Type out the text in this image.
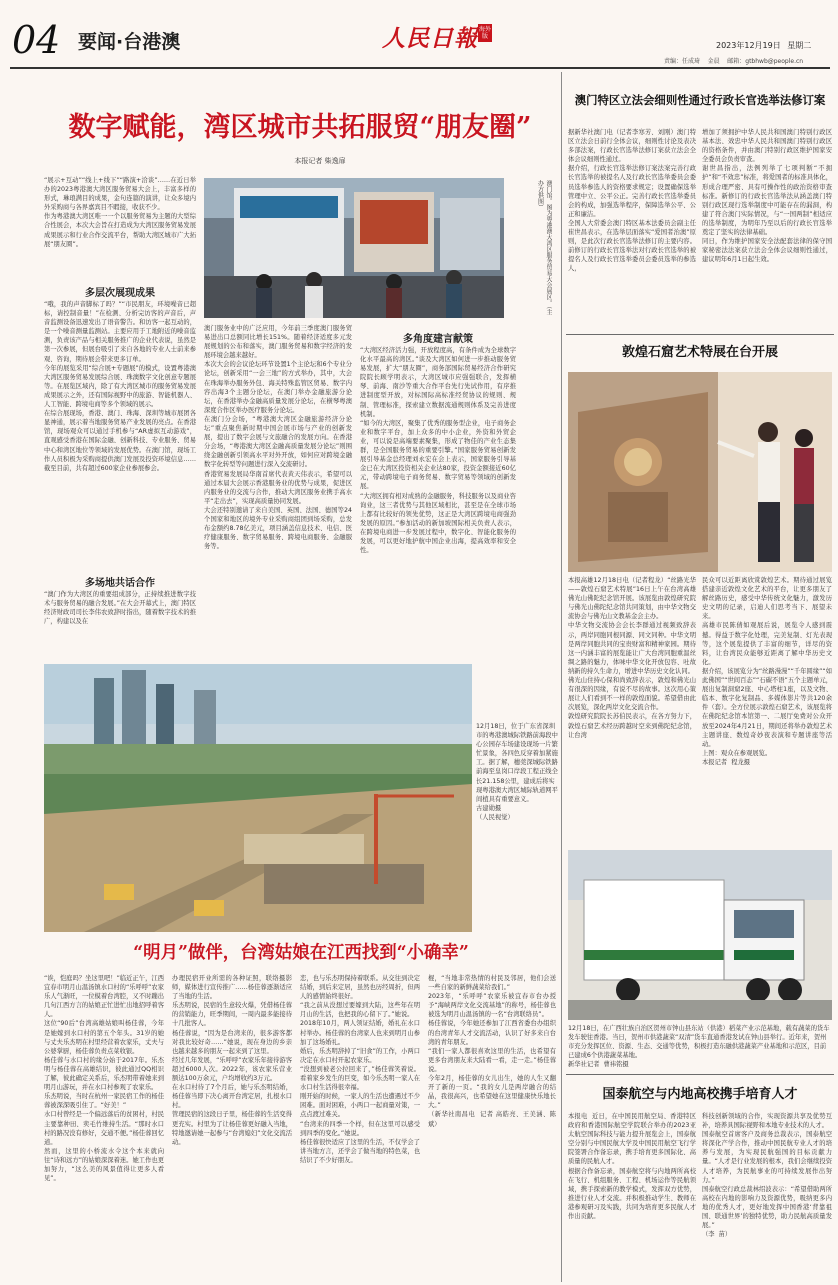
04 要闻·台港澳	人民日報 海外版
2023年12月19日 星期二
责编：任成琦    金晨    邮箱：gtbhwb@people.cn
数字赋能，湾区城市共拓服贸“朋友圈”
本报记者 柴逸扉
“展示+互动”“线上+线下”“路演+洽谈”……在近日举办的2023粤港澳大湾区服务贸易大会上，丰富多样的形式，琳琅满目的成果，金句连篇的演讲，让众多境内外采购商与各界嘉宾目不暇接，收获不少。
作为粤港澳大湾区唯一一个以服务贸易为主题的大型综合性展会，本次大会旨在打造成为大湾区服务贸易发展成果展示和行业合作交流平台，帮助大湾区城市广大拓展“朋友圈”。
多层次展现成果
“哦，我的声音脚标了吗？”“市民朋友，环境噪音已超标，请控制音量！”在检测、分析完访客的声音后，声音监测设备迅速发出了语音警告。和访客一起互动的，是一个噪音测量监测站。主要应用于工地附近的噪音监测，负责该产品与相关服务推广的企业代表说，虽然是第一次参展，但展台吸引了来自各地的专业人士前来参观、咨询，期待展会带来更多订单。
今年的展览采用“综合展+专题展”的模式，设置粤港澳大湾区服务贸易发展综合展、珠澳数字文化创意专题展等。在展览区域内，除了有大湾区城市的服务贸易发展成果展示之外，还有国际视野中的旅游、智能机器人、人工智能、跨境电商等多个领域的展示。
在综合展现场，香港、澳门、珠海、深圳等城市展团各显神通，展示着当地服务贸易产业发展的亮点。在香港馆，现场观众可以通过手机参与“AR虚拟互动游戏”，直观感受香港在国际金融、创新科技、专业服务、贸易中心和湾区地位等领域的发展优势。在澳门馆，现场工作人员积极为采购商提供澳门发展及投资环境信息……截至目前，共有超过600家企业参展参会。
多场地共话合作
“澳门作为大湾区的重要组成部分，正持续推进数字技术与服务贸易的融合发展。”在大会开幕式上，澳门特区经济财政司司长李伟农致辞时指出，随着数字技术的推广，构建以及在
澳门馆。图为粤港澳大湾区服务贸易大会展区。（主办方供图）
澳门服务业中的广泛应用，今年前三季度澳门服务贸易进出口总额同比增长151%。随着经济适度多元发展规划的公布和落实，澳门服务贸易和数字经济的发展环境会越来越好。
本次大会的会议论坛环节设置1个主论坛和6个专业分论坛，创新采用“一会三地”的方式举办，其中，大会在珠海举办服务外包、海关特殊监管区贸易、数字内容出海3个主题分论坛，在澳门举办金融旅游分论坛，在香港举办金融高质量发展分论坛，在横琴粤澳深度合作区举办医疗服务分论坛。
在澳门分会场，“粤港澳大湾区金融旅游经济分论坛”重点聚焦新时期中国会展市场与产业的创新发展，提出了数字会展与文旅融合的发展方向。在香港分会场，“粤港澳大湾区金融高质量发展分论坛”则围绕金融创新引领高水平对外开放，如何应对跨境金融数字化转型等问题进行深入交流研讨。
香港贸易发展局华南首席代表黄天伟表示，希望可以通过本届大会展示香港服务业的优势与成果，促进区内服务业的交流与合作，推动大湾区服务业携手高水平“走出去”，实现高质量协同发展。
大会还特别邀请了来自美国、英国、法国、德国等24个国家和地区的境外专业采购商组团到场采购，总发布金额约8.78亿美元，项目涵盖信息技术、电信、医疗健康服务、数字贸易服务、跨境电商服务、金融服务等。
多角度建言献策
“大湾区经济活力强，开放程度高，有条件成为全球数字化水平最高的湾区。”谈及大湾区如何进一步推动服务贸易发展，扩大“朋友圈”，商务部国际贸易经济合作研究院院长顾学明表示，大湾区城市应强强联合，发挥横琴、前海、南沙等重大合作平台先行先试作用，有序推进制度型开放，对标国际高标准经贸协议的规则、规制、管理标准，探索建立数据流通规则体系及完善进度机制。
“如今的大湾区，聚集了优秀的服务型企业，电子商务企业和数字平台，加上众多的中小企业，外资和外贸企业，可以说是高端要素聚集，形成了物佳的产业生态集群，是全国服务贸易的重要引擎。”国家服务贸易创新发展引导基金总经理刘永宏在会上表示，国家服务引导基金已在大湾区投资相关企业达80家，投资金额接近60亿元，带动跨境电子商务贸易、数字贸易等领域的创新发展。
“大湾区拥有相对成熟的金融服务，科技服务以及商业咨询业，这三者优势与其他区域相比，甚至是在全球市场上都有比较好的领先优势，这正是大湾区跨境电商强劲发展的原因。”参加活动的新加坡国际相关负责人表示，在跨境电商进一步发展过程中，数字化、智能化服务的发展，可以更好地护航中国企业出海，提高效率和安全性。
澳门特区立法会细则性通过行政长官选举法修订案
据新华社澳门电（记者李寒芳、刘刚）澳门特区立法会日前行全体会议，细则性讨论及表决多部法案，行政长官选举法修订案获立法会全体会议细则性通过。
据介绍，行政长官选举法修订案法案完善行政长官选举的被提名人及行政长官选举委员会委员选举参选人的资格要求规定；设置确保选举管理中立、公平公正。完善行政长官选举委员会的构成，加强选举程序，保障选举公平、公正和廉洁。
全国人大常委会澳门特区基本法委员会副主任崔世昌表示，在选举层面落实“爱国者治澳”原则，是此次行政长官选举法修订的主要内容。前修订的行政长官选举法对行政长官选举的被提名人及行政长官选举委员会委员选举的参选人，
增加了须拥护中华人民共和国澳门特别行政区基本法、效忠中华人民共和国澳门特别行政区的资格条件，并由澳门特别行政区维护国家安全委员会负责审查。
谢世昌指出，法例列举了七项判断“不拥护”和“不效忠”标准，将爱国者的标准具体化，形成合理严密、具有可操作性的政治资格审查标准。新修订的行政长官选举法从涵盖澳门特别行政区现行选举制度中可能存在的漏洞，构建了符合澳门实际情况，与“一国两制”相适应的选举制度，为明年乃至以后的行政长官选举奠定了坚实的法律基础。
同日，作为维护国家安全法配套法律的保守国家秘密法法案获立法会全体会议细则性通过，建议明年6月1日起生效。
敦煌石窟艺术特展在台开展
本报高雄12月18日电（记者程龙）“丝路光华——敦煌石窟艺术特展”16日上午在台湾高雄佛光山佛陀纪念馆开展。该展览由敦煌研究院与佛光山佛陀纪念馆共同策划，由中华文物交流协会与佛光山文教基金会主办。
中华文物交流协会会长李群通过视频致辞表示，两岸同胞同根同源、同文同种。中华文明是两岸同胞共同的宝贵财富和精神家园。期待这一内涵丰富的展览能让广大台湾同胞重温丝绸之路的魅力，体味中华文化开放包容、吐故纳新的持久生命力，增进中华历史文化认同。
佛光山住持心保和尚致辞表示，敦煌和佛光山有很深的因缘，有说不尽的故事。这次用心策展让人们看到不一样的敦煌面貌。希望借由此次展览，深化两岸文化交流合作。
敦煌研究院院长苏伯民表示，在各方努力下，敦煌石窟艺术经历跨越时空来到佛陀纪念馆，让台湾
民众可以近距离欣赏敦煌艺术。期待通过展览搭建亲近敦煌文化艺术的平台，让更多朋友了解丝路历史，感受中华传统文化魅力，激发历史文明的记录，启迪人们思考当下、展望未来。
高雄市民陈倩如观展后说，展览令人感到震撼。得益于数字化处理，完美复制、灯光表现等，这个展览提供了丰富的细节，详尽的资料，让台湾民众能够近距离了解中华历史文化。
据介绍，该展览分为“丝路漫漫”“千年圆缘”“如此佛国”“世间百态”“石碳不语”五个主题单元，展出复制洞窟2座、中心塔柱1座，以及文物、临本、数字化复制品、多媒体影片等共120余件（套）。全方位展示敦煌石窟艺术，该展览将在佛陀纪念馆本馆第一、二展厅免费对公众开放至2024年4月21日，期间还将举办敦煌艺术主题讲座、数煌奇妙夜表演和专题讲座等活动。
上图：观众在参观展览。
本报记者  程龙摄
12月18日，位于广东省深圳市的粤港澳城际铁路前海段中心公园存车场建设现场一片繁忙景象，各四色反穿着加紧施工。据了解，穗莞深城际铁路前海至皇岗口岸段工程正线全长21.158公里，建成后将实现粤港澳大湾区城际轨道网平间植具有重要意义。
古建勋摄
（人民视觉）
“明月”做伴，台湾姑娘在江西找到“小确幸”
“诶，恺庭吗？坐这里吧！”临近正午，江西宜春市明月山温汤镇水口村的“乐呼呼”农家乐人气渐旺，一位模着台湾腔，又不时蹦出几句江西方言的姑娘正忙进忙出地招呼着客人。
这位“90后”台湾高雄姑娘叫杨佳蓉，今年是她嫁到水口村的第五个年头。31岁的她与丈夫乐杰明在村里经营着农家乐，丈夫与公婆掌厨，杨佳蓉负责点菜收银。
杨佳蓉与水口村的缘分始于2017年。乐杰明与杨佳蓉在高雄结识，彼此通过QQ相识了解，彼此确定关系后，乐杰明带着她来到明月山游玩，并在水口村参观了农家乐。
乐杰明说，当时在杭州一家民宿工作的杨佳蓉被深深吸引住了。“好美！”
水口村曾经是一个偏远落后的贫困村，村民主要靠种田、卖毛竹维持生活。“那时水口村的路况没有修好，交通不便。”杨佳蓉回忆道。
然而，这里的小桥流水令这个本来就向往“诗和远方”的姑娘深深着迷。她工作也更加努力，“这么美的风景值得让更多人看见”。
办理民宿开业所需的各种证照，联络摄影师，媒体进行宣传推广……杨佳蓉逐渐适应了当地的生活。
乐杰明说，民宿的生意较火爆，凭借杨佳蓉的营销能力，旺季期间，一周内最多能接待十几批客人。
杨佳蓉说，“因为是台湾来的，很多游客都对我比较好奇……”她说，现在身边的乡亲也越来越多的朋友一起来到了这里。
经过几年发展，“乐呼呼”农家乐年接待游客超过6000人次。2022年，该农家乐营业额达100万余元，户均增收约3万元。
在水口村待了7个月后，她与乐杰明结婚，杨佳蓉当即下决心离开台湾定居，扎根水口村。
管理民宿的这段日子里，杨佳蓉的生活变得更充实。村里为了让杨佳蓉更好融入当地，特地邀请她一起参与“台湾媳妇”文化交流活动。
恋，也与乐杰明保持着联系。从交往到决定结婚，到后来定居，虽然也历经周折，但两人的感情始终很好。
“我之前从没想过要嫁到大陆，这些年在明月山的生活，也把我的心留下了。”她说。
2018年10月，两人领证结婚，婚礼在水口村举办。杨佳蓉的台湾家人也来到明月山参加了这场婚礼。
婚后，乐杰明辞掉了“旧食”的工作，小两口决定在水口村开起农家乐。
“没想到被老公拉回来了，”杨佳蓉笑着说。看着家乡发生的巨变，如今乐杰明一家人在水口村生活得很幸福。
刚开始的时候，一家人的生活也遭遇过不少困难。面对困难，小两口一起商量对策，一点点渡过难关。
“台湾来的四季一个样，但在这里可以感受到四季的变化。”她说。
杨佳蓉很快适应了这里的生活，不仅学会了讲当地方言，还学会了做当地的特色菜，也结识了不少好朋友。
棍，“当地非常热情的村民及邻居，他们会送一些自家的新鲜蔬菜给我们。”
2023年，“乐呼呼”农家乐被宜春市台办授予“海峡两岸文化交流基地”的称号，杨佳蓉也被选为明月山温汤镇的一名“台湾联络员”。
杨佳蓉说，今年她还参加了江西省委台办组织的台湾青年人才交流活动，认识了好多来自台湾的青年朋友。
“我们一家人都很喜欢这里的生活，也希望有更多台湾朋友来大陆看一看，走一走。”杨佳蓉说。
今年2月，杨佳蓉的女儿出生，她的人生又翻开了新的一页。“我的女儿是两岸融合的结晶，我很高兴，也希望她在这里健康快乐地长大。”
（新华社南昌电  记者 高皓亮、王美涵、陈斌）
12月18日，在广西壮族自治区贺州市钟山县东站（供港）稻菜产业示范基地，载有蔬菜的货车发车驶往香港。当日，贺州市供港蔬菜“双清”货车直通香港发试在钟山县举行。近年来，贺州市充分发挥区位、资源、生态、交通等优势，积极打造东融供港蔬菜产业基地和示范区，目前已建成6个供港蔬菜基地。
新华社记者  曹祎铭摄
国泰航空与内地高校携手培育人才
本报电  近日，在中国民用航空局、香港特区政府和香港国际航空学院联合举办的2023亚太航空国际科技与能力提升展览会上，国泰航空分别与中国民航大学及中国民用航空飞行学院签署合作备忘录，携手培育更多国际化、高质量的民航人才。
根据合作备忘录，国泰航空将与内地两所高校在飞行、机组服务、工程、机场运作等民航领域，携手探索新的教学模式，发挥双方优势，推进行业人才交流。并积极推动学生、教师在港参观研习及实践，共同为培育更多民航人才作出贡献。
科技创新领域的合作，实现资源共享及优势互补，培养具国际视野和本地专业技术的人才。
国泰航空首席客户及商务总裁表示，国泰航空将深化产学合作，推动中国民航专业人才的培养与发展，为实现民航强国的目标贡献力量。“人才是行业发展的根本，我们会继续投资人才培养，为民航事业的可持续发展作出努力。”
国泰航空行政总裁林绍波表示：“希望借助两所高校在内地的影响力及资源优势，吸纳更多内地的优秀人才，更好地发挥中国香港‘背靠祖国、联通世界’的独特优势，助力民航高质量发展。”
（李  苗）
